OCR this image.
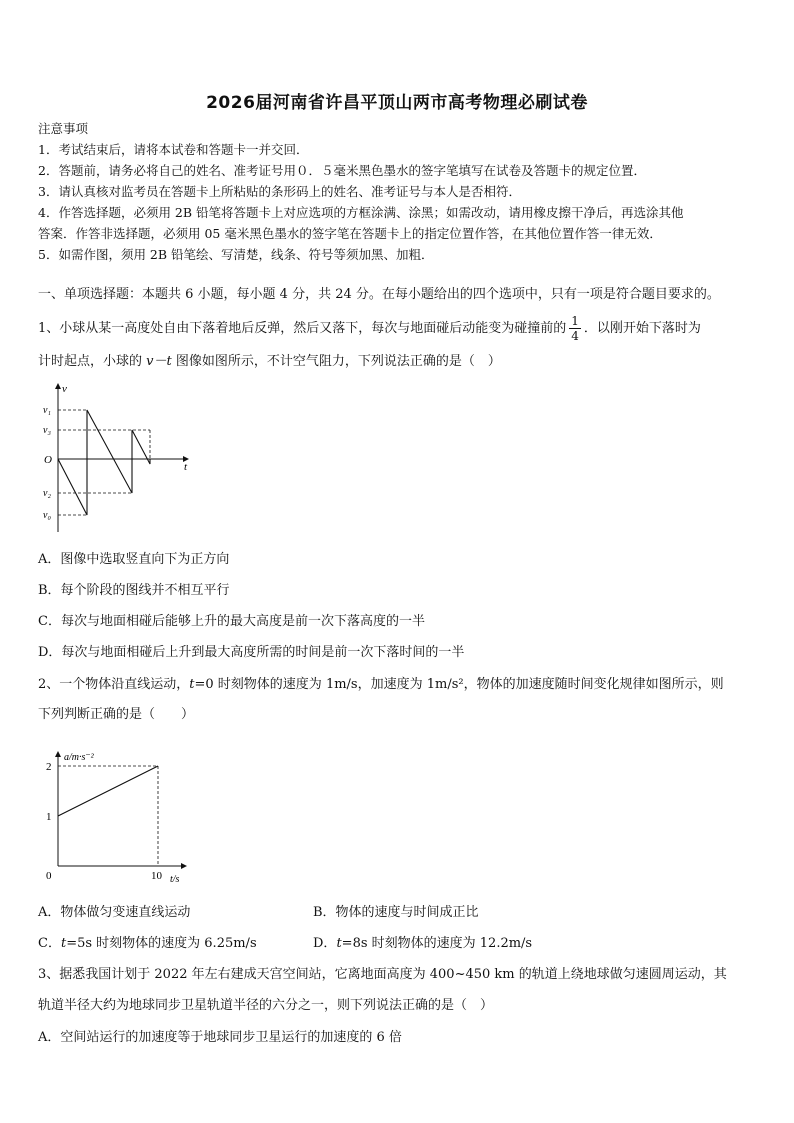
2026届河南省许昌平顶山两市高考物理必刷试卷
注意事项
1．考试结束后，请将本试卷和答题卡一并交回．
2．答题前，请务必将自己的姓名、准考证号用０．５毫米黑色墨水的签字笔填写在试卷及答题卡的规定位置．
3．请认真核对监考员在答题卡上所粘贴的条形码上的姓名、准考证号与本人是否相符．
4．作答选择题，必须用 2B 铅笔将答题卡上对应选项的方框涂满、涂黑；如需改动，请用橡皮擦干净后，再选涂其他
答案．作答非选择题，必须用 05 毫米黑色墨水的签字笔在答题卡上的指定位置作答，在其他位置作答一律无效．
5．如需作图，须用 2B 铅笔绘、写清楚，线条、符号等须加黑、加粗．
一、单项选择题：本题共 6 小题，每小题 4 分，共 24 分。在每小题给出的四个选项中，只有一项是符合题目要求的。
1、小球从某一高度处自由下落着地后反弹，然后又落下，每次与地面碰后动能变为碰撞前的 $\frac{1}{4}$ ．以刚开始下落时为
计时起点，小球的 v－t 图像如图所示，不计空气阻力，下列说法正确的是（　）
v
t
O
v₁
v₃
v₂
v₀
A．图像中选取竖直向下为正方向
B．每个阶段的图线并不相互平行
C．每次与地面相碰后能够上升的最大高度是前一次下落高度的一半
D．每次与地面相碰后上升到最大高度所需的时间是前一次下落时间的一半
2、一个物体沿直线运动，t=0 时刻物体的速度为 1m/s，加速度为 1m/s²，物体的加速度随时间变化规律如图所示，则
下列判断正确的是（　　）
a/m·s⁻²
t/s
1
2
0	10
A．物体做匀变速直线运动	B．物体的速度与时间成正比
C．t=5s 时刻物体的速度为 6.25m/s	D．t=8s 时刻物体的速度为 12.2m/s
3、据悉我国计划于 2022 年左右建成天宫空间站，它离地面高度为 400~450 km 的轨道上绕地球做匀速圆周运动，其
轨道半径大约为地球同步卫星轨道半径的六分之一，则下列说法正确的是（　）
A．空间站运行的加速度等于地球同步卫星运行的加速度的 6 倍
